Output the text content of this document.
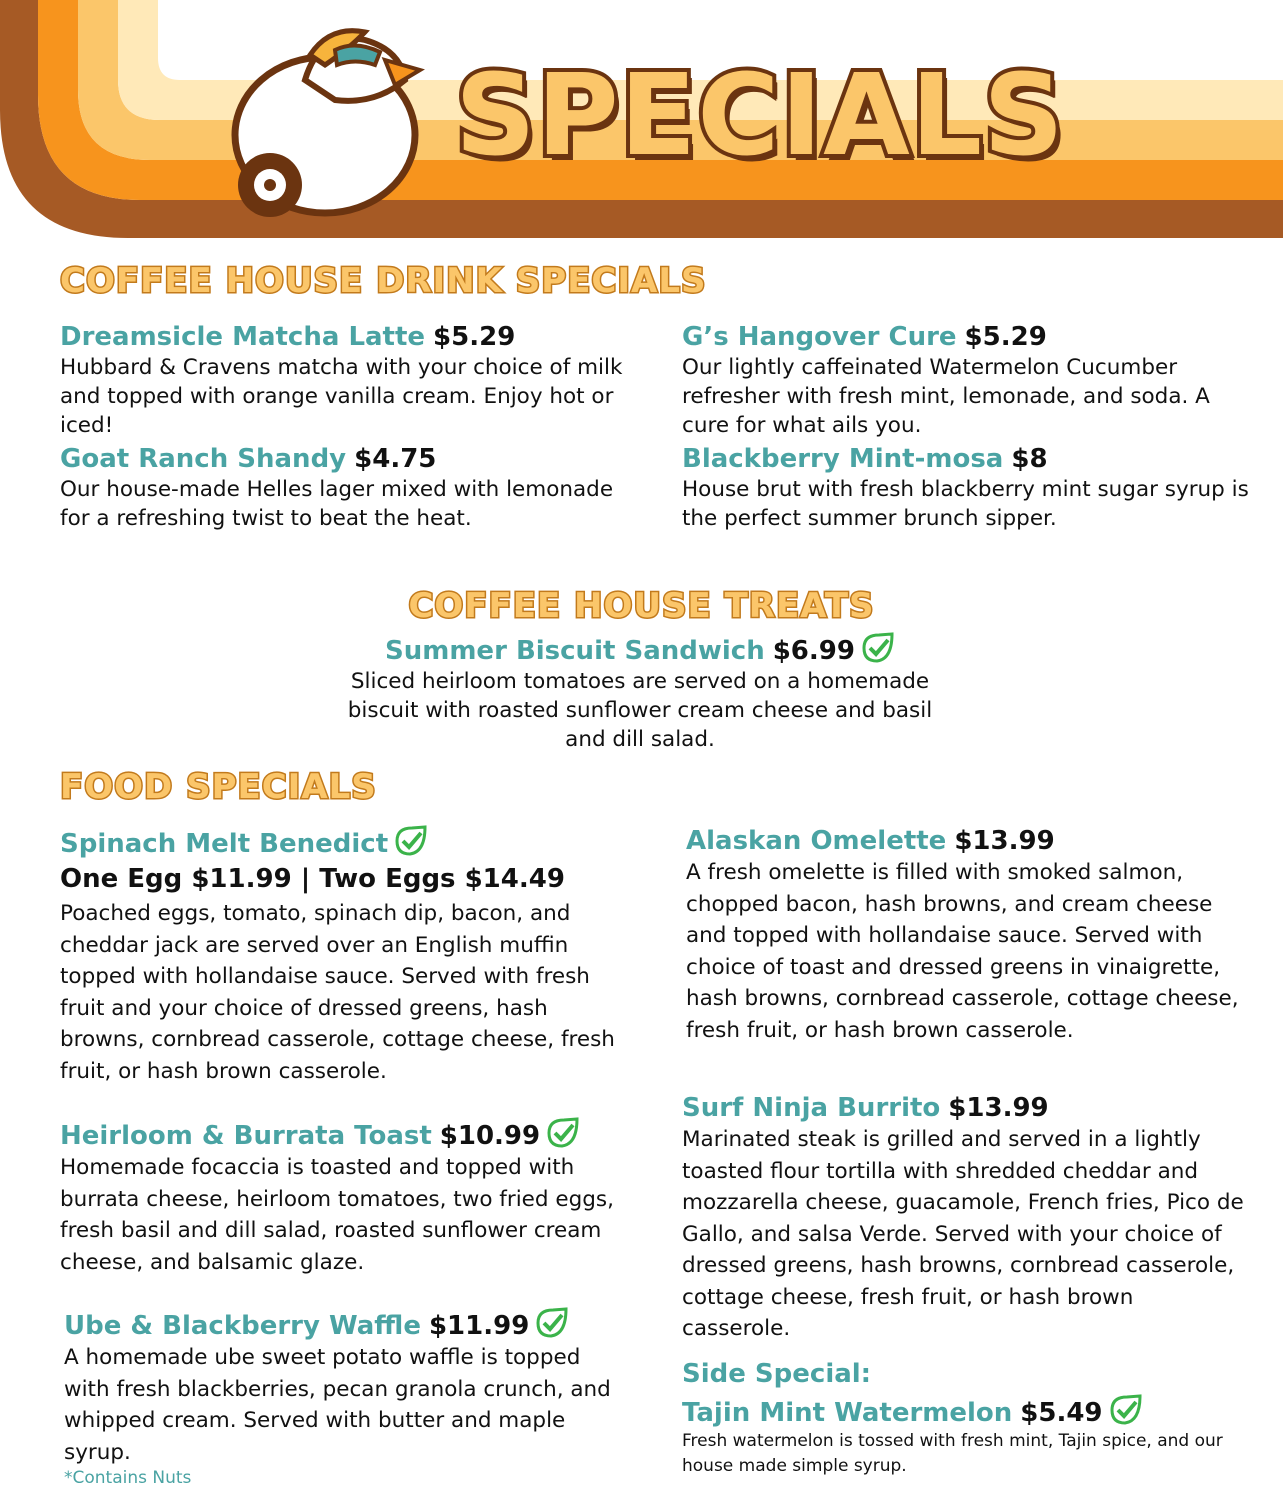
SPECIALS
COFFEE HOUSE DRINK SPECIALS
Dreamsicle Matcha Latte $5.29

Hubbard & Cravens matcha with your choice of milk and topped with orange vanilla cream. Enjoy hot or iced!

G’s Hangover Cure $5.29

Our lightly caffeinated Watermelon Cucumber refresher with fresh mint, lemonade, and soda. A cure for what ails you.

Goat Ranch Shandy $4.75

Our house-made Helles lager mixed with lemonade for a refreshing twist to beat the heat.

Blackberry Mint-mosa $8

House brut with fresh blackberry mint sugar syrup is the perfect summer brunch sipper.

COFFEE HOUSE TREATS
Summer Biscuit Sandwich $6.99

Sliced heirloom tomatoes are served on a homemade biscuit with roasted sunflower cream cheese and basil and dill salad.

FOOD SPECIALS
Spinach Melt Benedict
One Egg $11.99 | Two Eggs $14.49

Poached eggs, tomato, spinach dip, bacon, and cheddar jack are served over an English muffin topped with hollandaise sauce. Served with fresh fruit and your choice of dressed greens, hash browns, cornbread casserole, cottage cheese, fresh fruit, or hash brown casserole.

Heirloom & Burrata Toast $10.99

Homemade focaccia is toasted and topped with burrata cheese, heirloom tomatoes, two fried eggs, fresh basil and dill salad, roasted sunflower cream cheese, and balsamic glaze.

Ube & Blackberry Waffle $11.99

A homemade ube sweet potato waffle is topped with fresh blackberries, pecan granola crunch, and whipped cream. Served with butter and maple syrup.

*Contains Nuts
Alaskan Omelette $13.99

A fresh omelette is filled with smoked salmon, chopped bacon, hash browns, and cream cheese and topped with hollandaise sauce. Served with choice of toast and dressed greens in vinaigrette, hash browns, cornbread casserole, cottage cheese, fresh fruit, or hash brown casserole.

Surf Ninja Burrito $13.99

Marinated steak is grilled and served in a lightly toasted flour tortilla with shredded cheddar and mozzarella cheese, guacamole, French fries, Pico de Gallo, and salsa Verde. Served with your choice of dressed greens, hash browns, cornbread casserole, cottage cheese, fresh fruit, or hash brown casserole.

Side Special:
Tajin Mint Watermelon $5.49

Fresh watermelon is tossed with fresh mint, Tajin spice, and our house made simple syrup.
